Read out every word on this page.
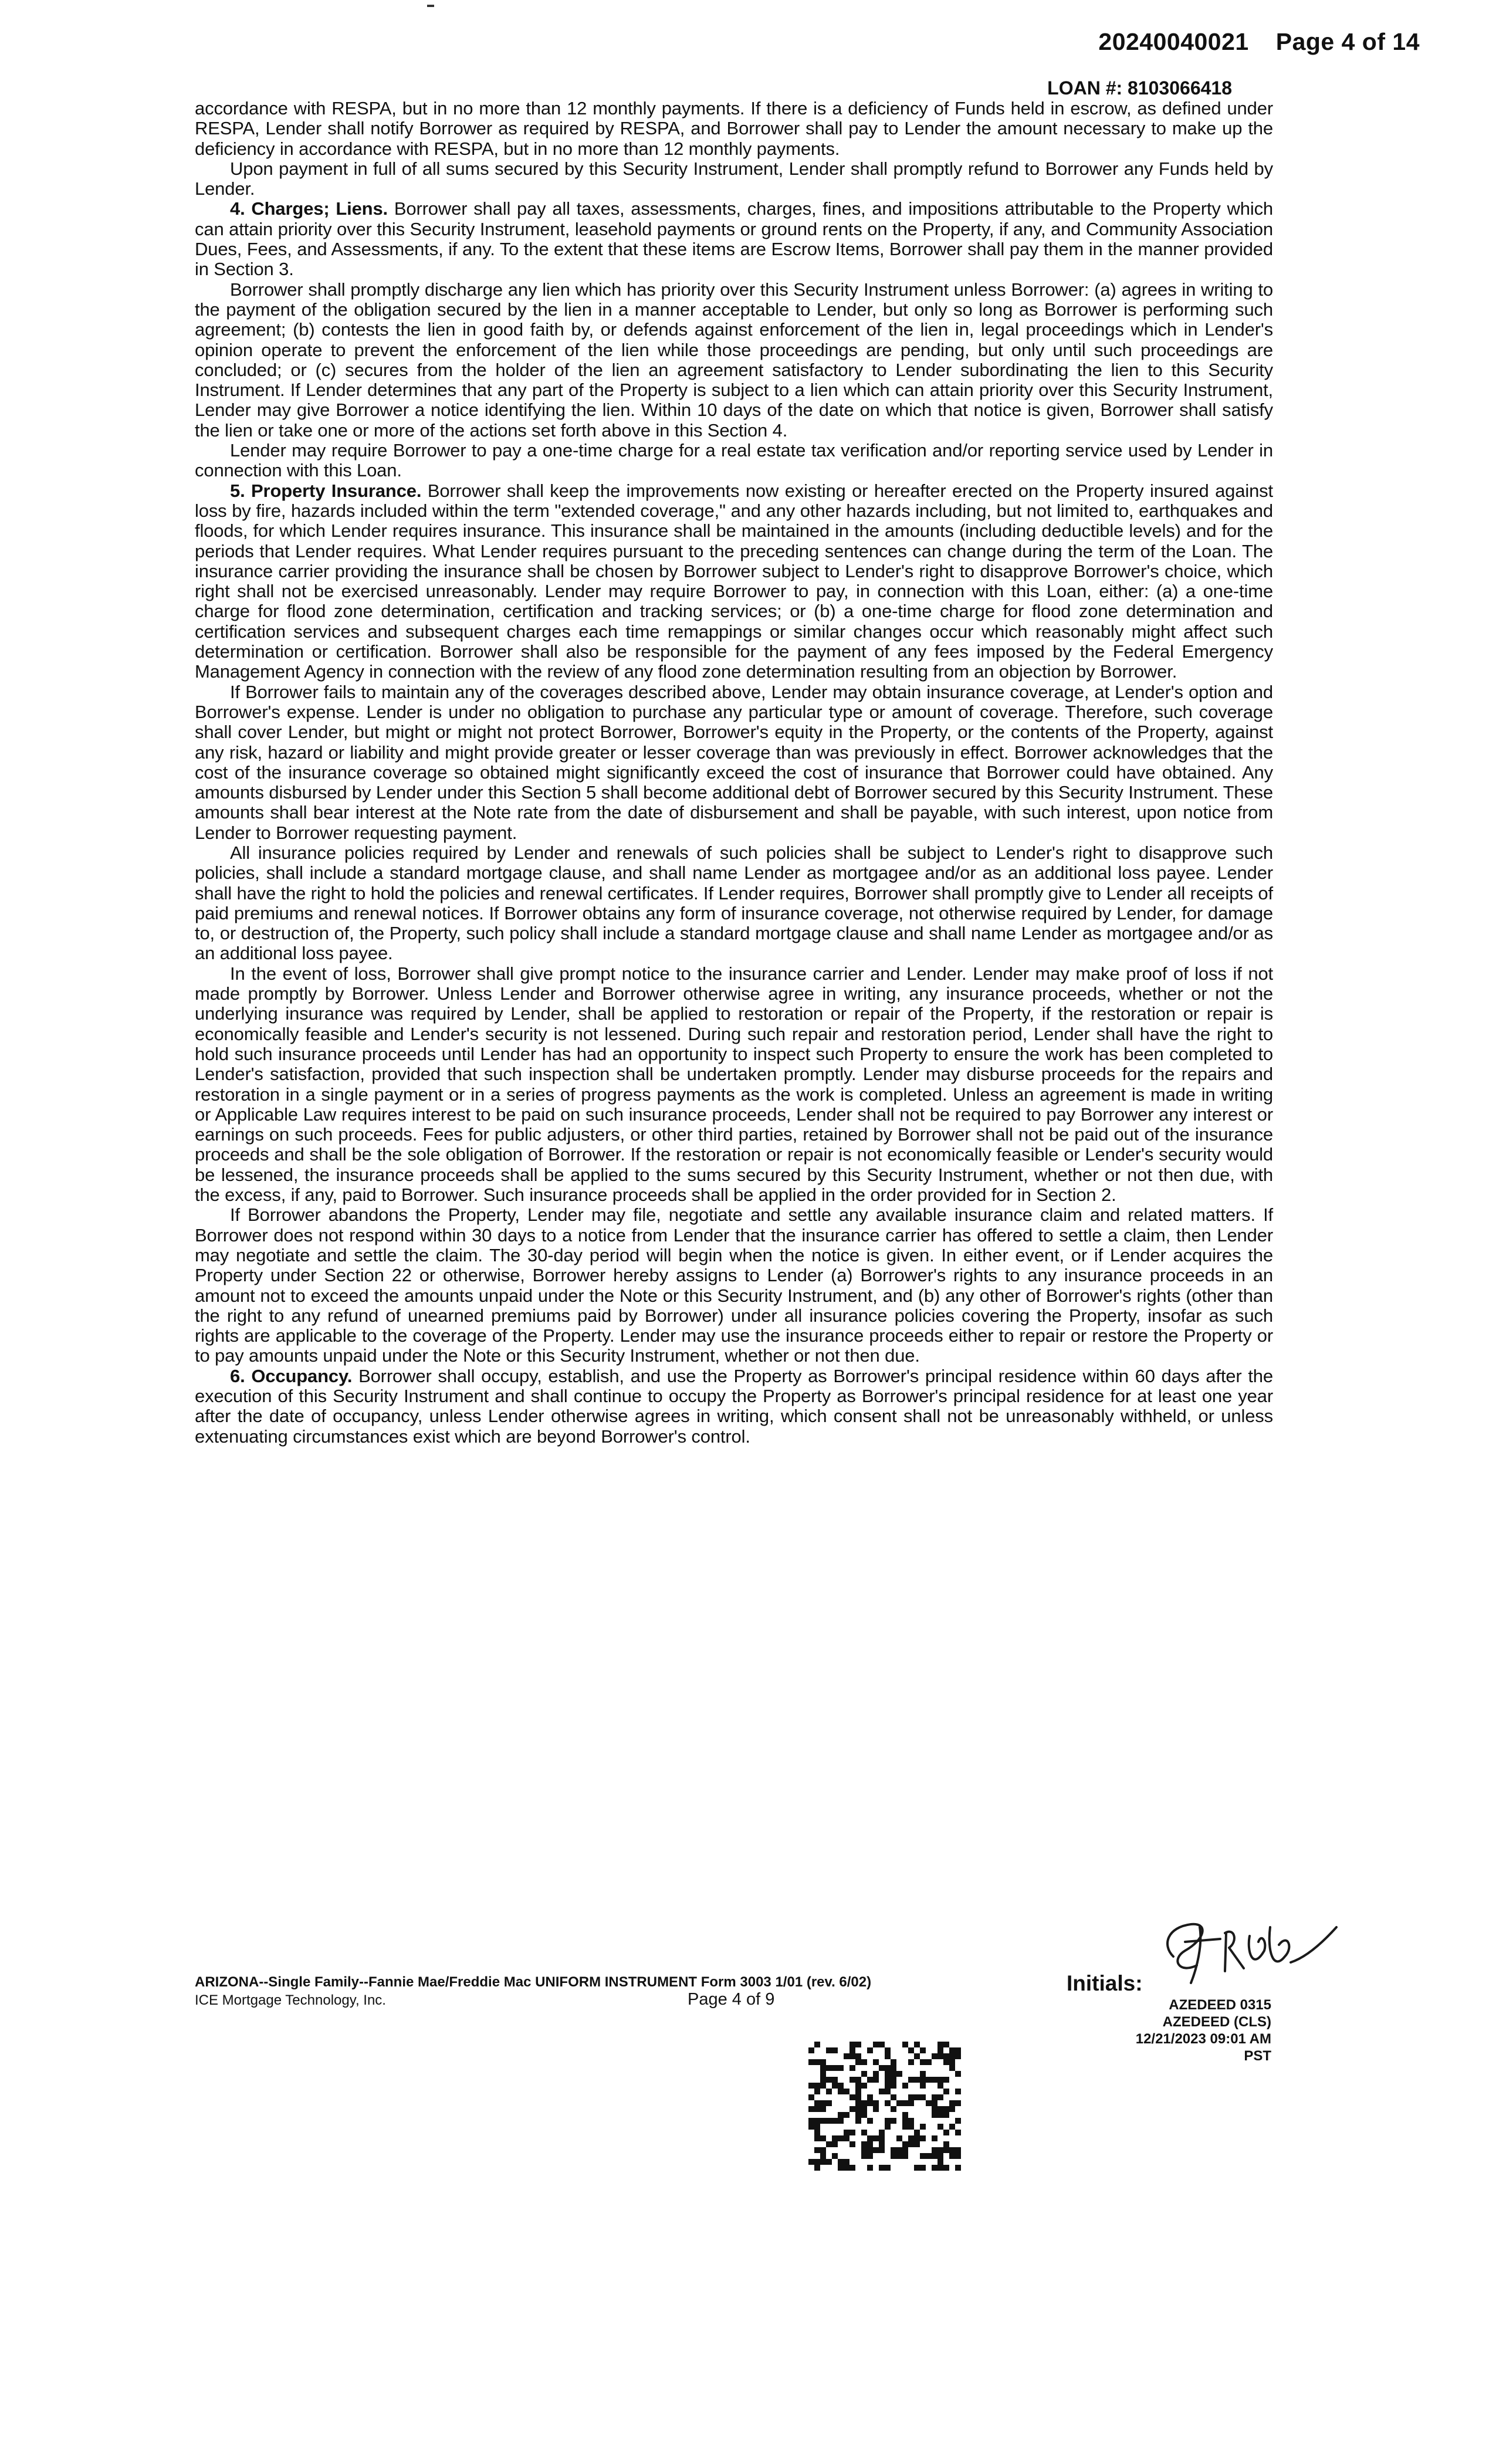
20240040021 Page 4 of 14
LOAN #: 8103066418

accordance with RESPA, but in no more than 12 monthly payments. If there is a deficiency of Funds held in escrow, as defined under RESPA, Lender shall notify Borrower as required by RESPA, and Borrower shall pay to Lender the amount necessary to make up the deficiency in accordance with RESPA, but in no more than 12 monthly payments.

Upon payment in full of all sums secured by this Security Instrument, Lender shall promptly refund to Borrower any Funds held by Lender.

4. Charges; Liens. Borrower shall pay all taxes, assessments, charges, fines, and impositions attributable to the Property which can attain priority over this Security Instrument, leasehold payments or ground rents on the Property, if any, and Community Association Dues, Fees, and Assessments, if any. To the extent that these items are Escrow Items, Borrower shall pay them in the manner provided in Section 3.

Borrower shall promptly discharge any lien which has priority over this Security Instrument unless Borrower: (a) agrees in writing to the payment of the obligation secured by the lien in a manner acceptable to Lender, but only so long as Borrower is performing such agreement; (b) contests the lien in good faith by, or defends against enforcement of the lien in, legal proceedings which in Lender's opinion operate to prevent the enforcement of the lien while those proceedings are pending, but only until such proceedings are concluded; or (c) secures from the holder of the lien an agreement satisfactory to Lender subordinating the lien to this Security Instrument. If Lender determines that any part of the Property is subject to a lien which can attain priority over this Security Instrument, Lender may give Borrower a notice identifying the lien. Within 10 days of the date on which that notice is given, Borrower shall satisfy the lien or take one or more of the actions set forth above in this Section 4.

Lender may require Borrower to pay a one-time charge for a real estate tax verification and/or reporting service used by Lender in connection with this Loan.

5. Property Insurance. Borrower shall keep the improvements now existing or hereafter erected on the Property insured against loss by fire, hazards included within the term "extended coverage," and any other hazards including, but not limited to, earthquakes and floods, for which Lender requires insurance. This insurance shall be maintained in the amounts (including deductible levels) and for the periods that Lender requires. What Lender requires pursuant to the preceding sentences can change during the term of the Loan. The insurance carrier providing the insurance shall be chosen by Borrower subject to Lender's right to disapprove Borrower's choice, which right shall not be exercised unreasonably. Lender may require Borrower to pay, in connection with this Loan, either: (a) a one-time charge for flood zone determination, certification and tracking services; or (b) a one-time charge for flood zone determination and certification services and subsequent charges each time remappings or similar changes occur which reasonably might affect such determination or certification. Borrower shall also be responsible for the payment of any fees imposed by the Federal Emergency Management Agency in connection with the review of any flood zone determination resulting from an objection by Borrower.

If Borrower fails to maintain any of the coverages described above, Lender may obtain insurance coverage, at Lender's option and Borrower's expense. Lender is under no obligation to purchase any particular type or amount of coverage. Therefore, such coverage shall cover Lender, but might or might not protect Borrower, Borrower's equity in the Property, or the contents of the Property, against any risk, hazard or liability and might provide greater or lesser coverage than was previously in effect. Borrower acknowledges that the cost of the insurance coverage so obtained might significantly exceed the cost of insurance that Borrower could have obtained. Any amounts disbursed by Lender under this Section 5 shall become additional debt of Borrower secured by this Security Instrument. These amounts shall bear interest at the Note rate from the date of disbursement and shall be payable, with such interest, upon notice from Lender to Borrower requesting payment.

All insurance policies required by Lender and renewals of such policies shall be subject to Lender's right to disapprove such policies, shall include a standard mortgage clause, and shall name Lender as mortgagee and/or as an additional loss payee. Lender shall have the right to hold the policies and renewal certificates. If Lender requires, Borrower shall promptly give to Lender all receipts of paid premiums and renewal notices. If Borrower obtains any form of insurance coverage, not otherwise required by Lender, for damage to, or destruction of, the Property, such policy shall include a standard mortgage clause and shall name Lender as mortgagee and/or as an additional loss payee.

In the event of loss, Borrower shall give prompt notice to the insurance carrier and Lender. Lender may make proof of loss if not made promptly by Borrower. Unless Lender and Borrower otherwise agree in writing, any insurance proceeds, whether or not the underlying insurance was required by Lender, shall be applied to restoration or repair of the Property, if the restoration or repair is economically feasible and Lender's security is not lessened. During such repair and restoration period, Lender shall have the right to hold such insurance proceeds until Lender has had an opportunity to inspect such Property to ensure the work has been completed to Lender's satisfaction, provided that such inspection shall be undertaken promptly. Lender may disburse proceeds for the repairs and restoration in a single payment or in a series of progress payments as the work is completed. Unless an agreement is made in writing or Applicable Law requires interest to be paid on such insurance proceeds, Lender shall not be required to pay Borrower any interest or earnings on such proceeds. Fees for public adjusters, or other third parties, retained by Borrower shall not be paid out of the insurance proceeds and shall be the sole obligation of Borrower. If the restoration or repair is not economically feasible or Lender's security would be lessened, the insurance proceeds shall be applied to the sums secured by this Security Instrument, whether or not then due, with the excess, if any, paid to Borrower. Such insurance proceeds shall be applied in the order provided for in Section 2.

If Borrower abandons the Property, Lender may file, negotiate and settle any available insurance claim and related matters. If Borrower does not respond within 30 days to a notice from Lender that the insurance carrier has offered to settle a claim, then Lender may negotiate and settle the claim. The 30-day period will begin when the notice is given. In either event, or if Lender acquires the Property under Section 22 or otherwise, Borrower hereby assigns to Lender (a) Borrower's rights to any insurance proceeds in an amount not to exceed the amounts unpaid under the Note or this Security Instrument, and (b) any other of Borrower's rights (other than the right to any refund of unearned premiums paid by Borrower) under all insurance policies covering the Property, insofar as such rights are applicable to the coverage of the Property. Lender may use the insurance proceeds either to repair or restore the Property or to pay amounts unpaid under the Note or this Security Instrument, whether or not then due.

6. Occupancy. Borrower shall occupy, establish, and use the Property as Borrower's principal residence within 60 days after the execution of this Security Instrument and shall continue to occupy the Property as Borrower's principal residence for at least one year after the date of occupancy, unless Lender otherwise agrees in writing, which consent shall not be unreasonably withheld, or unless extenuating circumstances exist which are beyond Borrower's control.

ARIZONA--Single Family--Fannie Mae/Freddie Mac UNIFORM INSTRUMENT Form 3003 1/01 (rev. 6/02)
ICE Mortgage Technology, Inc.	Page 4 of 9
Initials:
AZEDEED 0315
AZEDEED (CLS)
12/21/2023 09:01 AM PST
